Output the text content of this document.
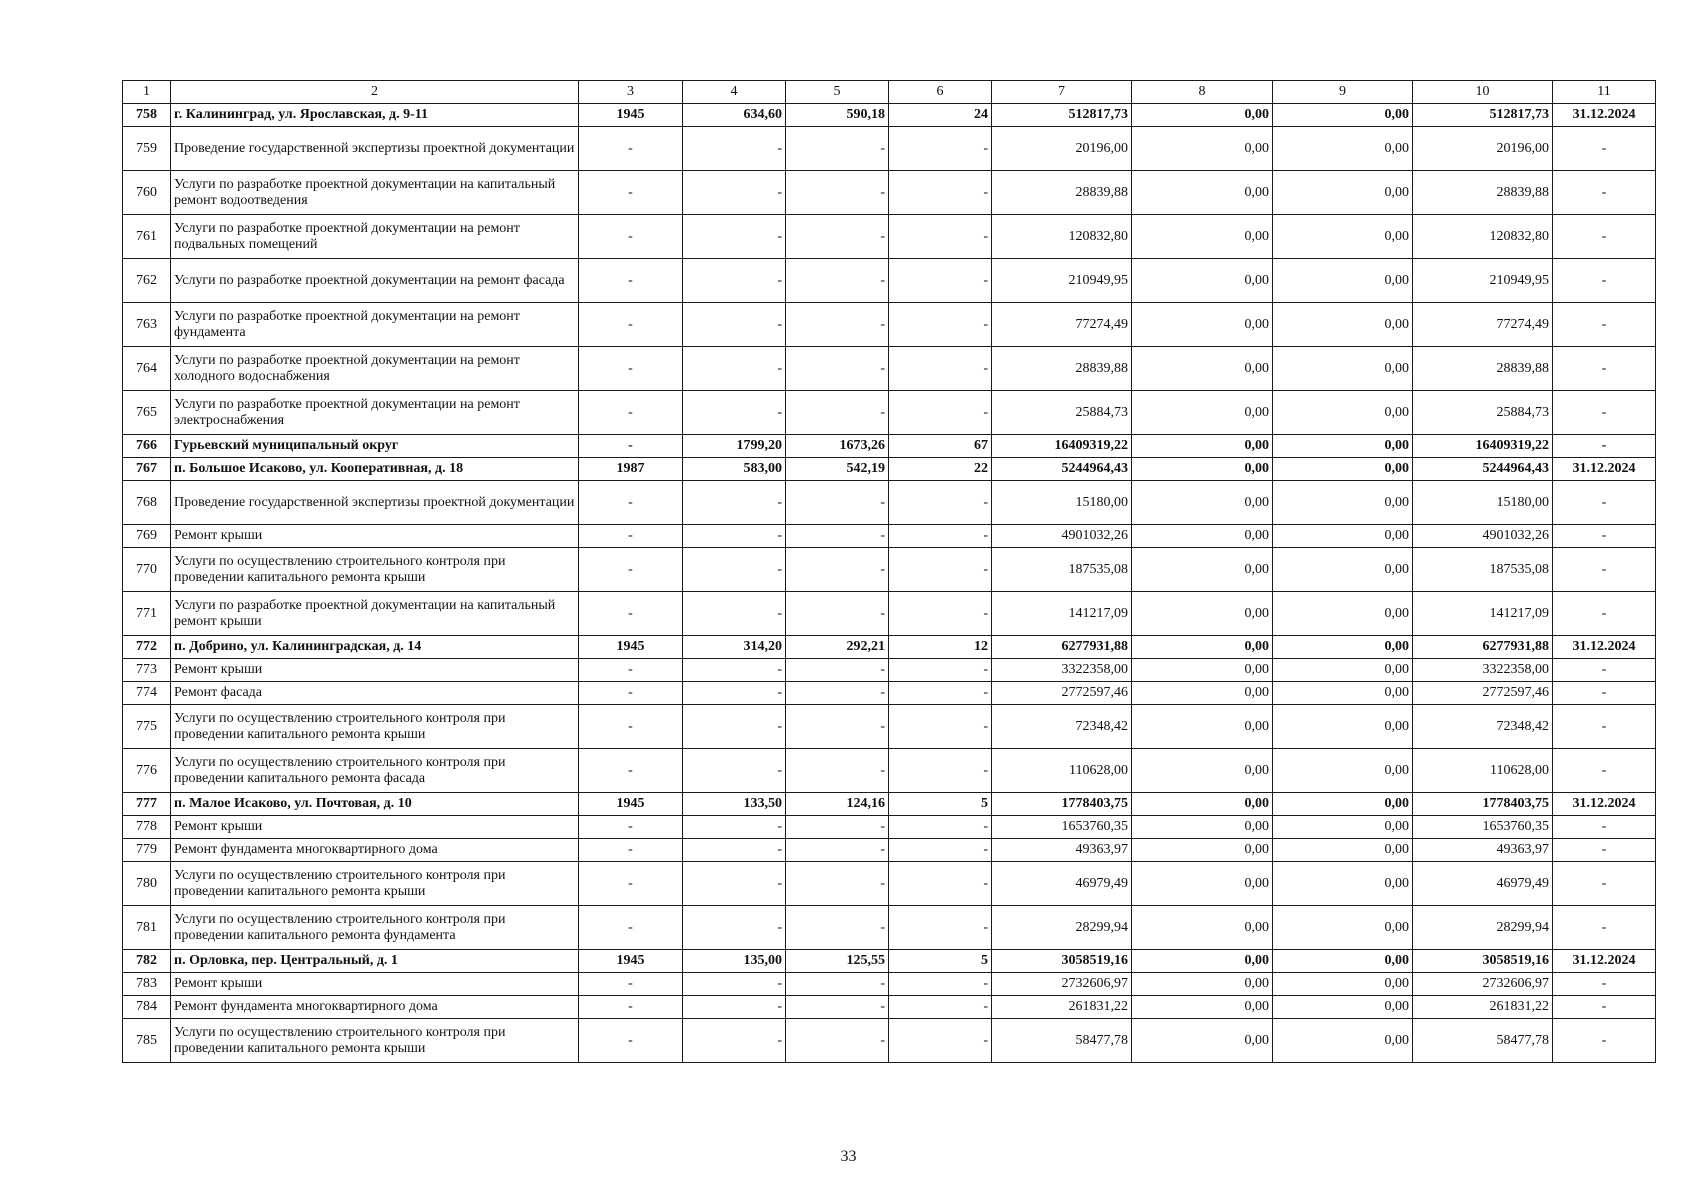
1	2	3	4	5	6	7	8	9	10	11
758	г. Калининград, ул. Ярославская, д. 9-11	1945	634,60	590,18	24	512817,73	0,00	0,00	512817,73	31.12.2024
759	Проведение государственной экспертизы проектной документации	-	-	-	-	20196,00	0,00	0,00	20196,00	-
760	Услуги по разработке проектной документации на капитальный ремонт водоотведения	-	-	-	-	28839,88	0,00	0,00	28839,88	-
761	Услуги по разработке проектной документации на ремонт подвальных помещений	-	-	-	-	120832,80	0,00	0,00	120832,80	-
762	Услуги по разработке проектной документации на ремонт фасада	-	-	-	-	210949,95	0,00	0,00	210949,95	-
763	Услуги по разработке проектной документации на ремонт фундамента	-	-	-	-	77274,49	0,00	0,00	77274,49	-
764	Услуги по разработке проектной документации на ремонт холодного водоснабжения	-	-	-	-	28839,88	0,00	0,00	28839,88	-
765	Услуги по разработке проектной документации на ремонт электроснабжения	-	-	-	-	25884,73	0,00	0,00	25884,73	-
766	Гурьевский муниципальный округ	-	1799,20	1673,26	67	16409319,22	0,00	0,00	16409319,22	-
767	п. Большое Исаково, ул. Кооперативная, д. 18	1987	583,00	542,19	22	5244964,43	0,00	0,00	5244964,43	31.12.2024
768	Проведение государственной экспертизы проектной документации	-	-	-	-	15180,00	0,00	0,00	15180,00	-
769	Ремонт крыши	-	-	-	-	4901032,26	0,00	0,00	4901032,26	-
770	Услуги по осуществлению строительного контроля при проведении капитального ремонта крыши	-	-	-	-	187535,08	0,00	0,00	187535,08	-
771	Услуги по разработке проектной документации на капитальный ремонт крыши	-	-	-	-	141217,09	0,00	0,00	141217,09	-
772	п. Добрино, ул. Калининградская, д. 14	1945	314,20	292,21	12	6277931,88	0,00	0,00	6277931,88	31.12.2024
773	Ремонт крыши	-	-	-	-	3322358,00	0,00	0,00	3322358,00	-
774	Ремонт фасада	-	-	-	-	2772597,46	0,00	0,00	2772597,46	-
775	Услуги по осуществлению строительного контроля при проведении капитального ремонта крыши	-	-	-	-	72348,42	0,00	0,00	72348,42	-
776	Услуги по осуществлению строительного контроля при проведении капитального ремонта фасада	-	-	-	-	110628,00	0,00	0,00	110628,00	-
777	п. Малое Исаково, ул. Почтовая, д. 10	1945	133,50	124,16	5	1778403,75	0,00	0,00	1778403,75	31.12.2024
778	Ремонт крыши	-	-	-	-	1653760,35	0,00	0,00	1653760,35	-
779	Ремонт фундамента многоквартирного дома	-	-	-	-	49363,97	0,00	0,00	49363,97	-
780	Услуги по осуществлению строительного контроля при проведении капитального ремонта крыши	-	-	-	-	46979,49	0,00	0,00	46979,49	-
781	Услуги по осуществлению строительного контроля при проведении капитального ремонта фундамента	-	-	-	-	28299,94	0,00	0,00	28299,94	-
782	п. Орловка, пер. Центральный, д. 1	1945	135,00	125,55	5	3058519,16	0,00	0,00	3058519,16	31.12.2024
783	Ремонт крыши	-	-	-	-	2732606,97	0,00	0,00	2732606,97	-
784	Ремонт фундамента многоквартирного дома	-	-	-	-	261831,22	0,00	0,00	261831,22	-
785	Услуги по осуществлению строительного контроля при проведении капитального ремонта крыши	-	-	-	-	58477,78	0,00	0,00	58477,78	-
33
